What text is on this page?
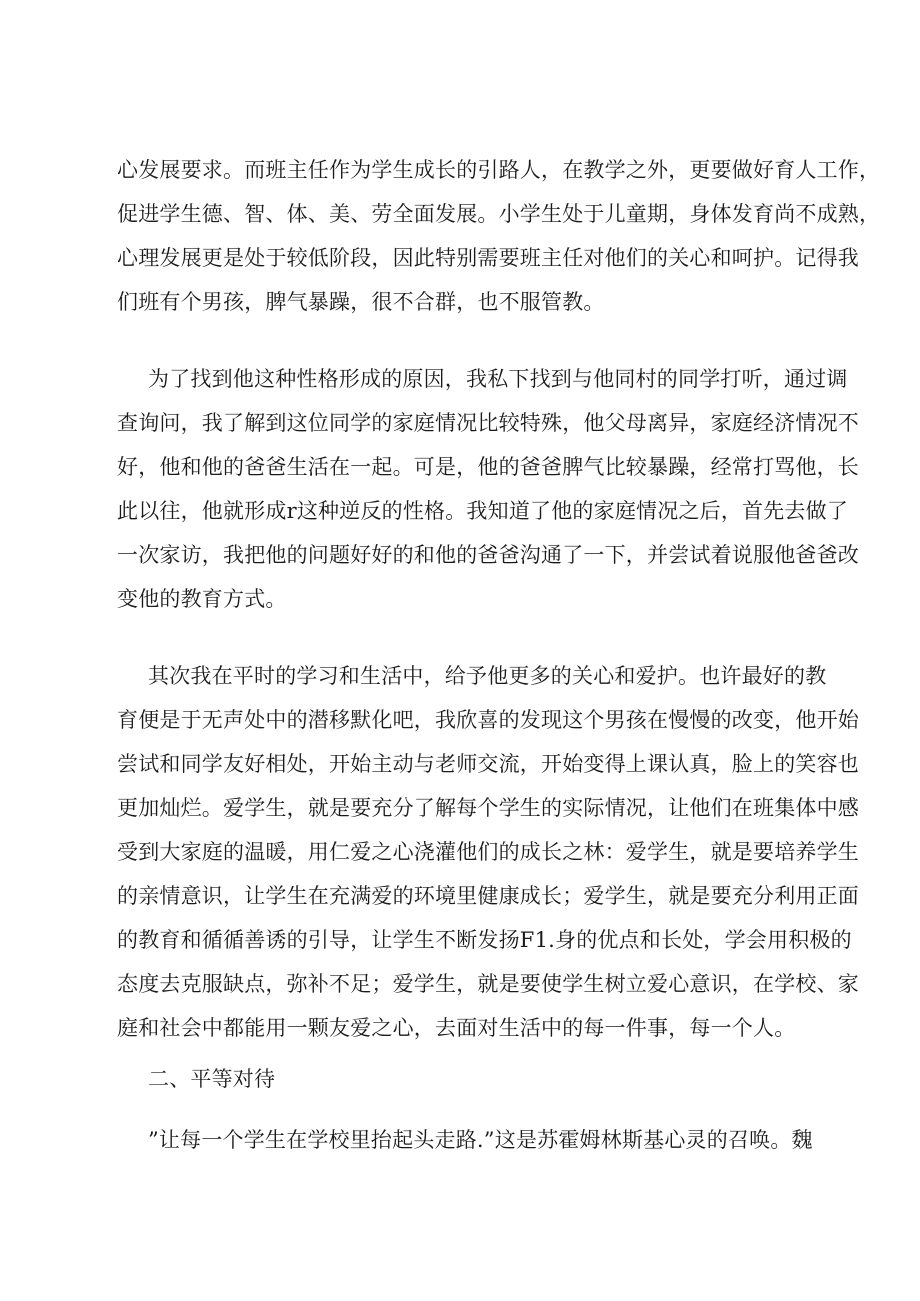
心发展要求。而班主任作为学生成长的引路人，在教学之外，更要做好育人工作，
促进学生德、智、体、美、劳全面发展。小学生处于儿童期，身体发育尚不成熟，
心理发展更是处于较低阶段，因此特别需要班主任对他们的关心和呵护。记得我
们班有个男孩，脾气暴躁，很不合群，也不服管教。
为了找到他这种性格形成的原因，我私下找到与他同村的同学打听，通过调
查询问，我了解到这位同学的家庭情况比较特殊，他父母离异，家庭经济情况不
好，他和他的爸爸生活在一起。可是，他的爸爸脾气比较暴躁，经常打骂他，长
此以往，他就形成r这种逆反的性格。我知道了他的家庭情况之后，首先去做了
一次家访，我把他的问题好好的和他的爸爸沟通了一下，并尝试着说服他爸爸改
变他的教育方式。
其次我在平时的学习和生活中，给予他更多的关心和爱护。也许最好的教
育便是于无声处中的潜移默化吧，我欣喜的发现这个男孩在慢慢的改变，他开始
尝试和同学友好相处，开始主动与老师交流，开始变得上课认真，脸上的笑容也
更加灿烂。爱学生，就是要充分了解每个学生的实际情况，让他们在班集体中感
受到大家庭的温暖，用仁爱之心浇灌他们的成长之林：爱学生，就是要培养学生
的亲情意识，让学生在充满爱的环境里健康成长；爱学生，就是要充分利用正面
的教育和循循善诱的引导，让学生不断发扬F1.身的优点和长处，学会用积极的
态度去克服缺点，弥补不足；爱学生，就是要使学生树立爱心意识，在学校、家
庭和社会中都能用一颗友爱之心，去面对生活中的每一件事，每一个人。
二、平等对待
”让每一个学生在学校里抬起头走路.”这是苏霍姆林斯基心灵的召唤。魏
